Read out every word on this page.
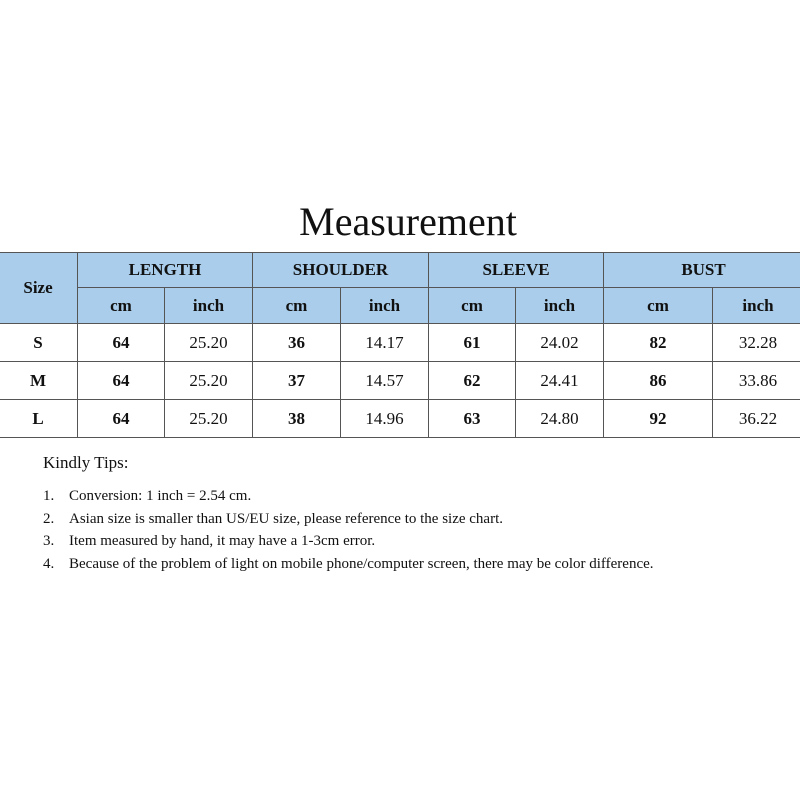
Measurement
Size	LENGTH		SHOULDER		SLEEVE		BUST	
	cm	inch	cm	inch	cm	inch	cm	inch
S	64	25.20	36	14.17	61	24.02	82	32.28
M	64	25.20	37	14.57	62	24.41	86	33.86
L	64	25.20	38	14.96	63	24.80	92	36.22
Kindly Tips:
1. Conversion: 1 inch = 2.54 cm.
2. Asian size is smaller than US/EU size, please reference to the size chart.
3. Item measured by hand, it may have a 1-3cm error.
4. Because of the problem of light on mobile phone/computer screen, there may be color difference.
